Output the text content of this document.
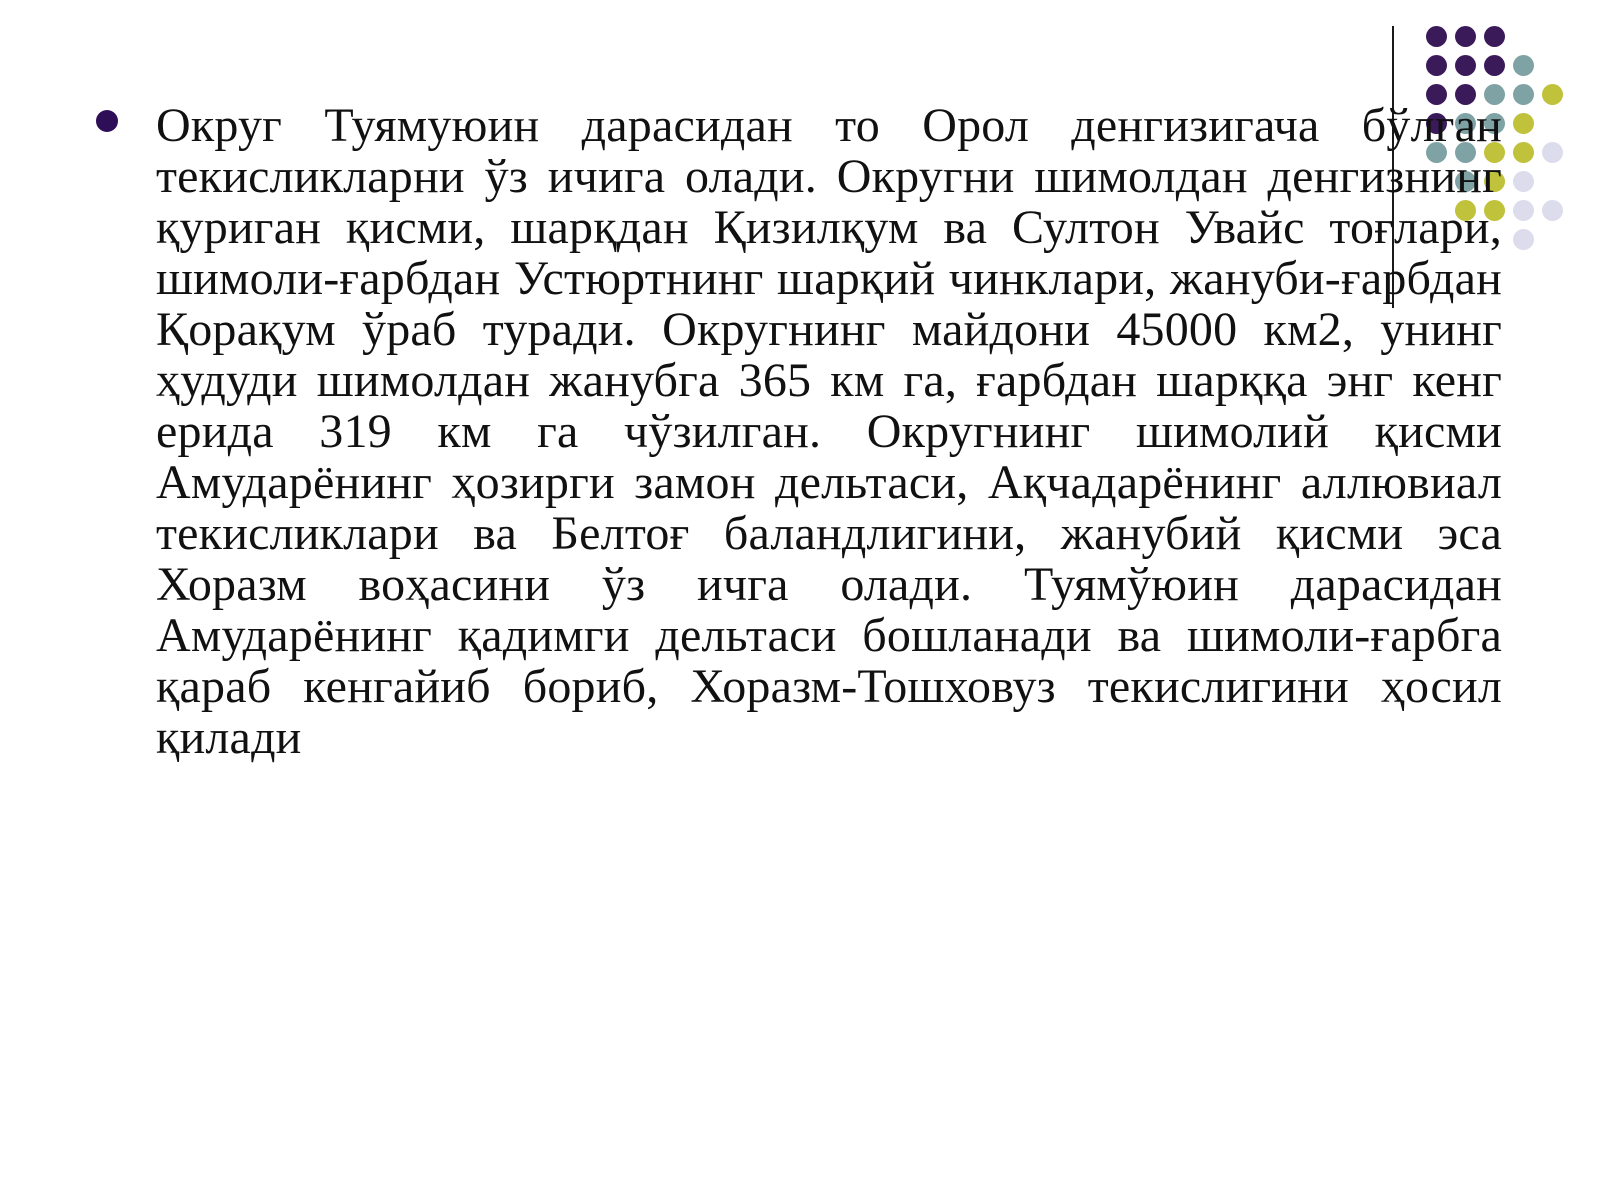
Округ Туямуюин дарасидан то Орол денгизигача бўлган текисликларни ўз ичига олади. Округни шимолдан денгизнинг қуриган қисми, шарқдан Қизилқум ва Султон Увайс тоғлари, шимоли-ғарбдан Устюртнинг шарқий чинклари, жануби-ғарбдан Қорақум ўраб туради. Округнинг майдони 45000 км2, унинг ҳудуди шимолдан жанубга 365 км га, ғарбдан шарққа энг кенг ерида 319 км га чўзилган. Округнинг шимолий қисми Амударёнинг ҳозирги замон дельтаси, Ақчадарёнинг аллювиал текисликлари ва Белтоғ баландлигини, жанубий қисми эса Хоразм воҳасини ўз ичга олади. Туямўюин дарасидан Амударёнинг қадимги дельтаси бошланади ва шимоли-ғарбга қараб кенгайиб бориб, Хоразм-Тошховуз текислигини ҳосил қилади
